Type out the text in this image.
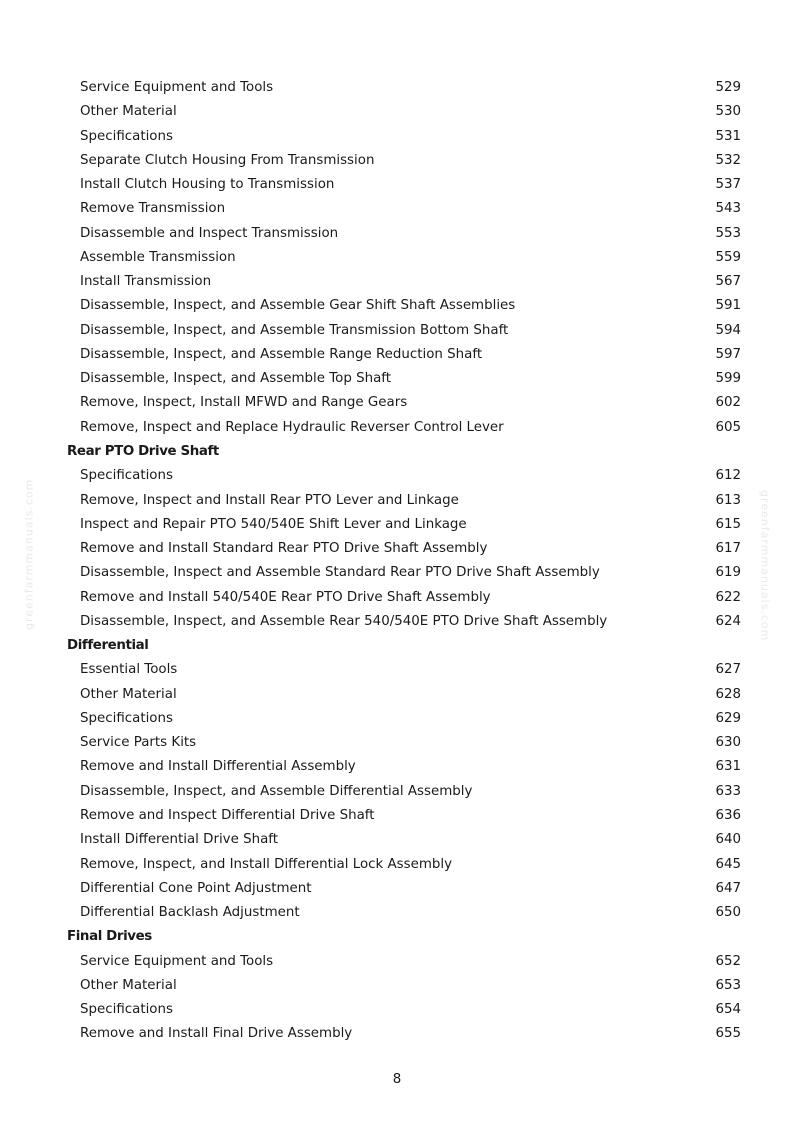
Service Equipment and Tools	529
Other Material	530
Specifications	531
Separate Clutch Housing From Transmission	532
Install Clutch Housing to Transmission	537
Remove Transmission	543
Disassemble and Inspect Transmission	553
Assemble Transmission	559
Install Transmission	567
Disassemble, Inspect, and Assemble Gear Shift Shaft Assemblies	591
Disassemble, Inspect, and Assemble Transmission Bottom Shaft	594
Disassemble, Inspect, and Assemble Range Reduction Shaft	597
Disassemble, Inspect, and Assemble Top Shaft	599
Remove, Inspect, Install MFWD and Range Gears	602
Remove, Inspect and Replace Hydraulic Reverser Control Lever	605
Rear PTO Drive Shaft
Specifications	612
Remove, Inspect and Install Rear PTO Lever and Linkage	613
Inspect and Repair PTO 540/540E Shift Lever and Linkage	615
Remove and Install Standard Rear PTO Drive Shaft Assembly	617
Disassemble, Inspect and Assemble Standard Rear PTO Drive Shaft Assembly	619
Remove and Install 540/540E Rear PTO Drive Shaft Assembly	622
Disassemble, Inspect, and Assemble Rear 540/540E PTO Drive Shaft Assembly	624
Differential
Essential Tools	627
Other Material	628
Specifications	629
Service Parts Kits	630
Remove and Install Differential Assembly	631
Disassemble, Inspect, and Assemble Differential Assembly	633
Remove and Inspect Differential Drive Shaft	636
Install Differential Drive Shaft	640
Remove, Inspect, and Install Differential Lock Assembly	645
Differential Cone Point Adjustment	647
Differential Backlash Adjustment	650
Final Drives
Service Equipment and Tools	652
Other Material	653
Specifications	654
Remove and Install Final Drive Assembly	655
greenfarmmanuals.com	greenfarmmanuals.com
8
